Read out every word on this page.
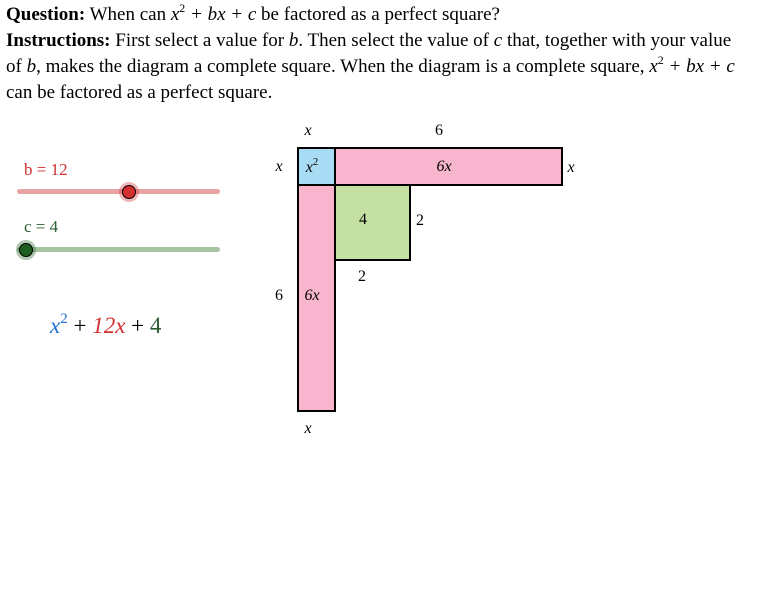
Question: When can $x^2$ + bx + c be factored as a perfect square?

Instructions: First select a value for b. Then select the value of c that, together with your value of b, makes the diagram a complete square. When the diagram is a complete square, $x^2$ + bx + c can be factored as a perfect square.

b = 12
c = 4
$x^2 + 12x + 4$
x	6
x
6
x
x
$x^2$	6x
6x
4	2
2
